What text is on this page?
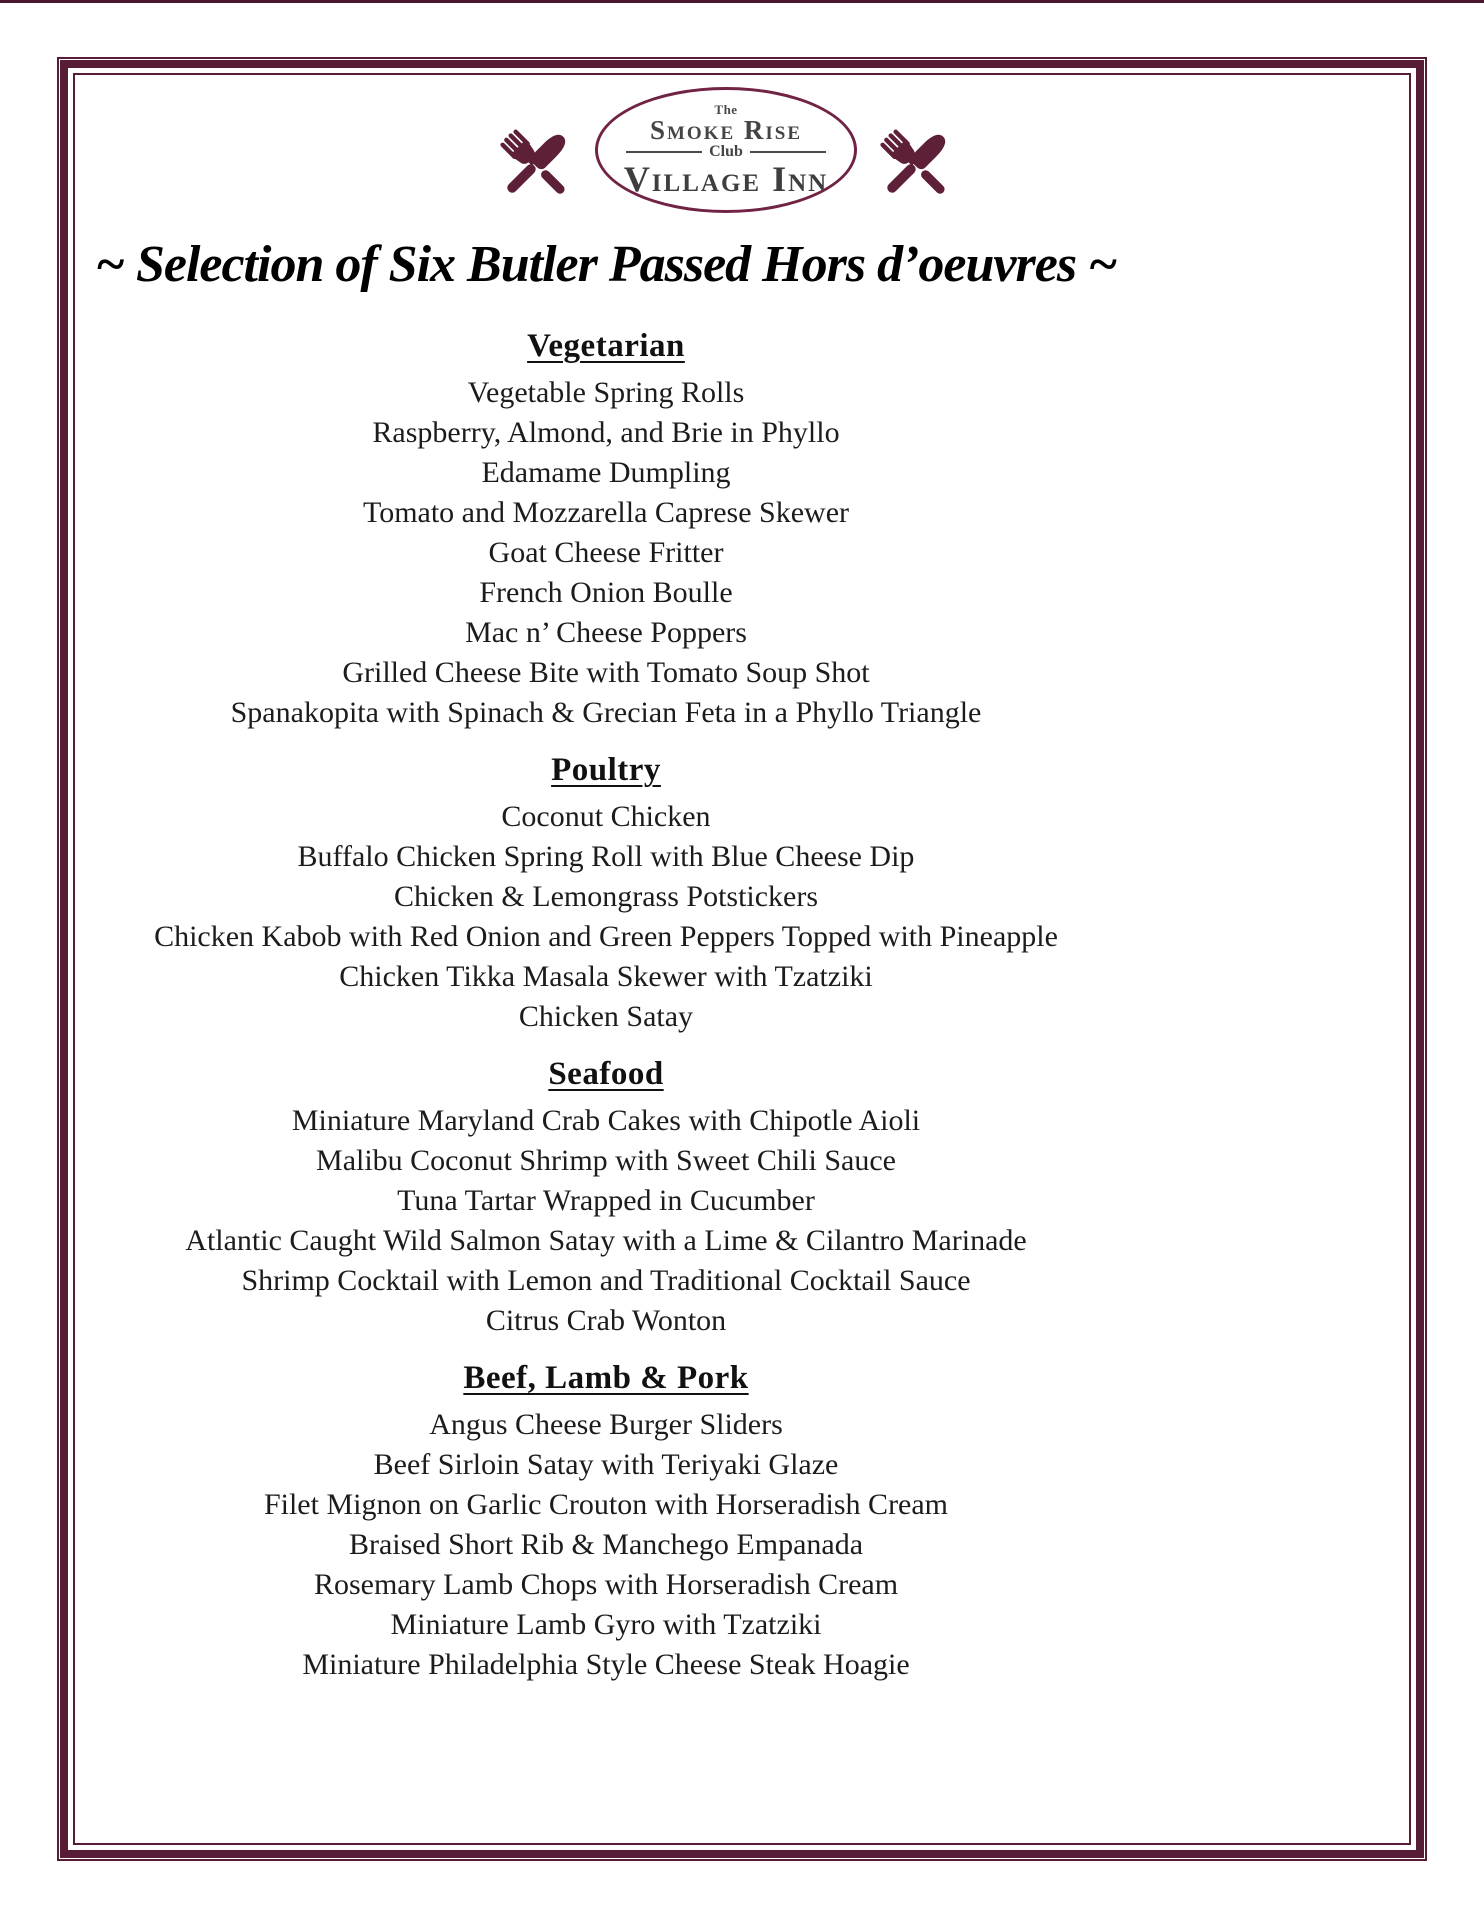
The
Smoke Rise
Club
Village Inn
~ Selection of Six Butler Passed Hors d’oeuvres ~
Vegetarian
Vegetable Spring Rolls
Raspberry, Almond, and Brie in Phyllo
Edamame Dumpling
Tomato and Mozzarella Caprese Skewer
Goat Cheese Fritter
French Onion Boulle
Mac n’ Cheese Poppers
Grilled Cheese Bite with Tomato Soup Shot
Spanakopita with Spinach & Grecian Feta in a Phyllo Triangle
Poultry
Coconut Chicken
Buffalo Chicken Spring Roll with Blue Cheese Dip
Chicken & Lemongrass Potstickers
Chicken Kabob with Red Onion and Green Peppers Topped with Pineapple
Chicken Tikka Masala Skewer with Tzatziki
Chicken Satay
Seafood
Miniature Maryland Crab Cakes with Chipotle Aioli
Malibu Coconut Shrimp with Sweet Chili Sauce
Tuna Tartar Wrapped in Cucumber
Atlantic Caught Wild Salmon Satay with a Lime & Cilantro Marinade
Shrimp Cocktail with Lemon and Traditional Cocktail Sauce
Citrus Crab Wonton
Beef, Lamb & Pork
Angus Cheese Burger Sliders
Beef Sirloin Satay with Teriyaki Glaze
Filet Mignon on Garlic Crouton with Horseradish Cream
Braised Short Rib & Manchego Empanada
Rosemary Lamb Chops with Horseradish Cream
Miniature Lamb Gyro with Tzatziki
Miniature Philadelphia Style Cheese Steak Hoagie
